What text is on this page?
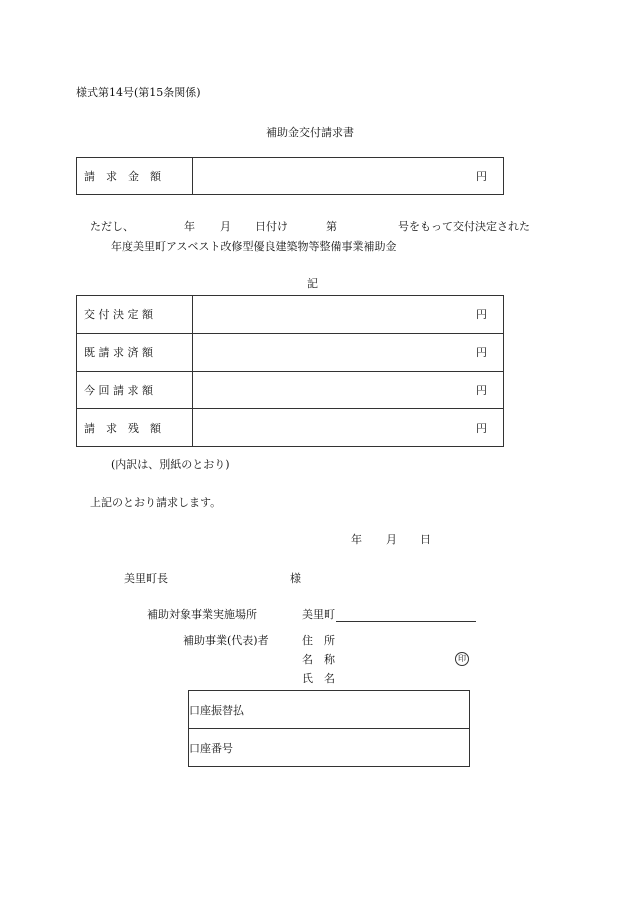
様式第14号(第15条関係)
補助金交付請求書
請　求　金　額	円
ただし、	年 月 日付け	第	号をもって交付決定された
年度美里町アスベスト改修型優良建築物等整備事業補助金
記
交 付 決 定 額	円

既 請 求 済 額	円

今 回 請 求 額	円

請　求　残　額	円
(内訳は、別紙のとおり)
上記のとおり請求します。
年 月 日
美里町長	様
補助対象事業実施場所	美里町
補助事業(代表)者	住　所
名　称	印
氏　名
口座振替払
口座番号
